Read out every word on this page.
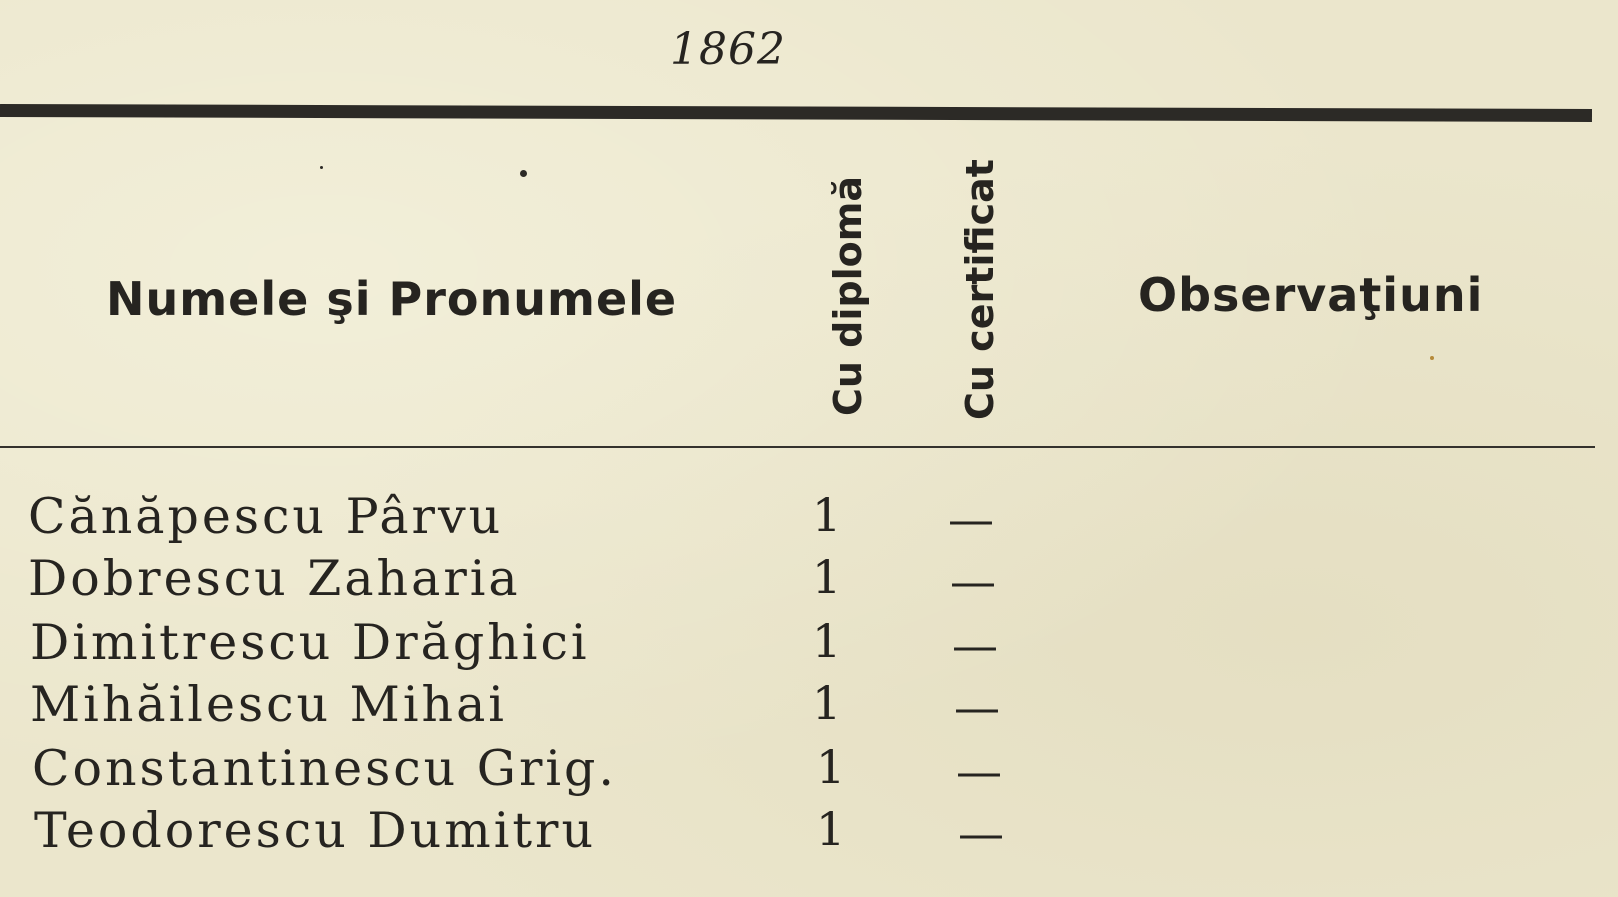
1862
Numele şi Pronumele	Cu diplomă Cu certificat	Observaţiuni
Cănăpescu Pârvu	1 —
Dobrescu Zaharia	1 —
Dimitrescu Drăghici	1 —
Mihăilescu Mihai	1 —
Constantinescu Grig.	1 —
Teodorescu Dumitru	1 —
